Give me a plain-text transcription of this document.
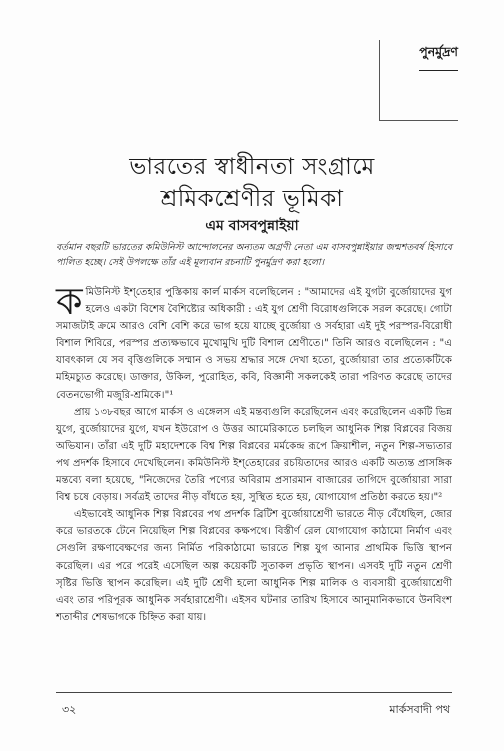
পুনর্মুদ্রণ
ভারতের স্বাধীনতা সংগ্রামে
শ্রমিকশ্রেণীর ভূমিকা
এম বাসবপুন্নাইয়া
বর্তমান বছরটি ভারতের কমিউনিস্ট আন্দোলনের অন্যতম অগ্রণী নেতা এম বাসবপুন্নাইয়ার জন্মশতবর্ষ হিসাবে পালিত হচ্ছে। সেই উপলক্ষে তাঁর এই মূল্যবান রচনাটি পুনর্মুদ্রণ করা হলো।

কমিউনিস্ট ইশ্‌তেহার পুস্তিকায় কার্ল মার্কস বলেছিলেন : "আমাদের এই যুগটা বুর্জোয়াদের যুগ হলেও একটা বিশেষ বৈশিষ্ট্যের অধিকারী : এই যুগ শ্রেণী বিরোধগুলিকে সরল করেছে। গোটা সমাজটাই ক্রমে আরও বেশি বেশি করে ভাগ হয়ে যাচ্ছে বুর্জোয়া ও সর্বহারা এই দুই পরস্পর-বিরোধী বিশাল শিবিরে, পরস্পর প্রত্যক্ষভাবে মুখোমুখি দুটি বিশাল শ্রেণীতে।" তিনি আরও বলেছিলেন : "এ যাবৎকাল যে সব বৃত্তিগুলিকে সম্মান ও সভয় শ্রদ্ধার সঙ্গে দেখা হতো, বুর্জোয়ারা তার প্রত্যেকটিকে মহিমচ্যুত করেছে। ডাক্তার, উকিল, পুরোহিত, কবি, বিজ্ঞানী সকলকেই তারা পরিণত করেছে তাদের বেতনভোগী মজুরি-শ্রমিকে।"¹

প্রায় ১৩৮বছর আগে মার্কস ও এঙ্গেলস এই মন্তব্যগুলি করেছিলেন এবং করেছিলেন একটি ভিন্ন যুগে, বুর্জোয়াদের যুগে, যখন ইউরোপ ও উত্তর আমেরিকাতে চলছিল আধুনিক শিল্প বিপ্লবের বিজয় অভিযান। তাঁরা এই দুটি মহাদেশকে বিশ্ব শিল্প বিপ্লবের মর্মকেন্দ্র রূপে ক্রিয়াশীল, নতুন শিল্প-সভ্যতার পথ প্রদর্শক হিসাবে দেখেছিলেন। কমিউনিস্ট ইশ্‌তেহারের রচয়িতাদের আরও একটি অত্যন্ত প্রাসঙ্গিক মন্তব্যে বলা হয়েছে, "নিজেদের তৈরি পণ্যের অবিরাম প্রসারমান বাজারের তাগিদে বুর্জোয়ারা সারা বিশ্ব চষে বেড়ায়। সর্বত্রই তাদের নীড় বাঁধতে হয়, সুস্থিত হতে হয়, যোগাযোগ প্রতিষ্ঠা করতে হয়।"²

এইভাবেই আধুনিক শিল্প বিপ্লবের পথ প্রদর্শক ব্রিটিশ বুর্জোয়াশ্রেণী ভারতে নীড় বেঁধেছিল, জোর করে ভারতকে টেনে নিয়েছিল শিল্প বিপ্লবের কক্ষপথে। বিস্তীর্ণ রেল যোগাযোগ কাঠামো নির্মাণ এবং সেগুলি রক্ষণাবেক্ষণের জন্য নির্মিত পরিকাঠামো ভারতে শিল্প যুগ আনার প্রাথমিক ভিত্তি স্থাপন করেছিল। এর পরে পরেই এসেছিল অল্প কয়েকটি সুতাকল প্রভৃতি স্থাপন। এসবই দুটি নতুন শ্রেণী সৃষ্টির ভিত্তি স্থাপন করেছিল। এই দুটি শ্রেণী হলো আধুনিক শিল্প মালিক ও ব্যবসায়ী বুর্জোয়াশ্রেণী এবং তার পরিপূরক আধুনিক সর্বহারাশ্রেণী। এইসব ঘটনার তারিখ হিসাবে আনুমানিকভাবে উনবিংশ শতাব্দীর শেষভাগকে চিহ্নিত করা যায়।

৩২	মার্কসবাদী পথ
